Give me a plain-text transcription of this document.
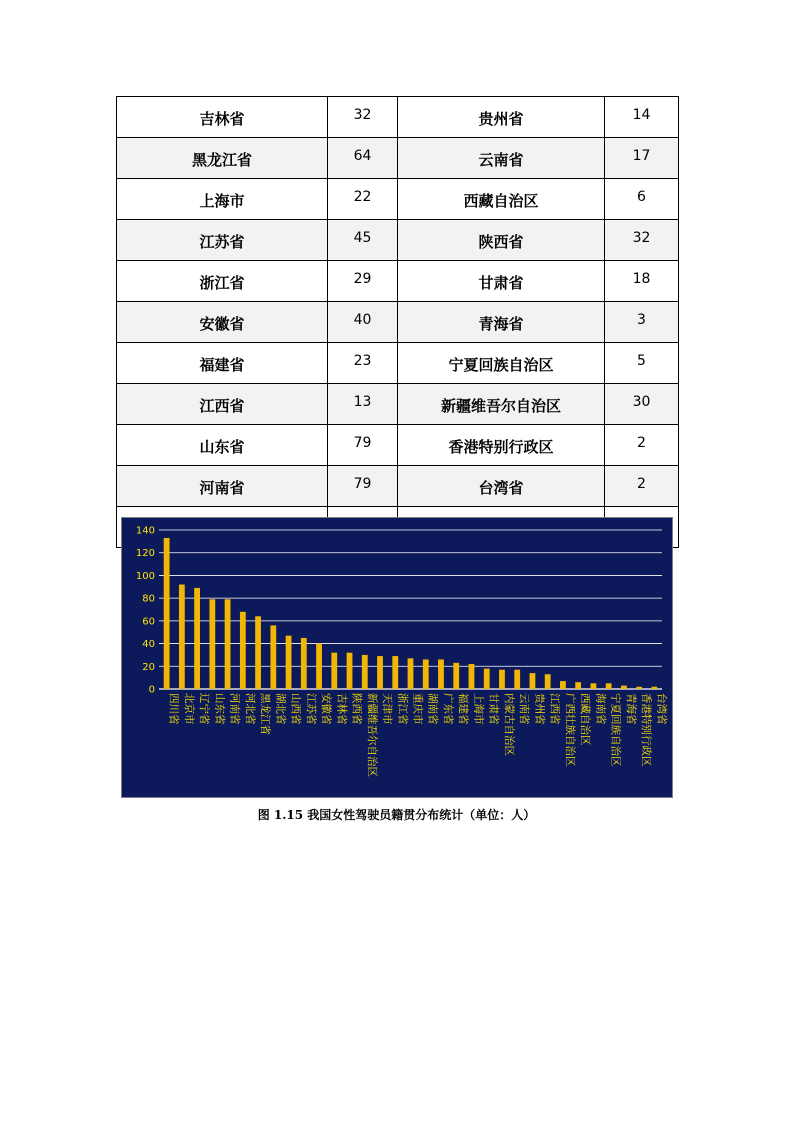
吉林省	32	贵州省	14
黑龙江省	64	云南省	17
上海市	22	西藏自治区	6
江苏省	45	陕西省	32
浙江省	29	甘肃省	18
安徽省	40	青海省	3
福建省	23	宁夏回族自治区	5
江西省	13	新疆维吾尔自治区	30
山东省	79	香港特别行政区	2
河南省	79	台湾省	2

0
20
40
60
80
100
120
140
四川省 北京市 辽宁省 山东省 河南省 河北省 黑龙江省 湖北省 山西省 江苏省 安徽省 吉林省 陕西省 新疆维吾尔自治区 天津市 浙江省 重庆市 湖南省 广东省 福建省 上海市 甘肃省 内蒙古自治区 云南省 贵州省 江西省 广西壮族自治区 西藏自治区 海南省 宁夏回族自治区 青海省 香港特别行政区 台湾省
图 1.15 我国女性驾驶员籍贯分布统计（单位：人）
